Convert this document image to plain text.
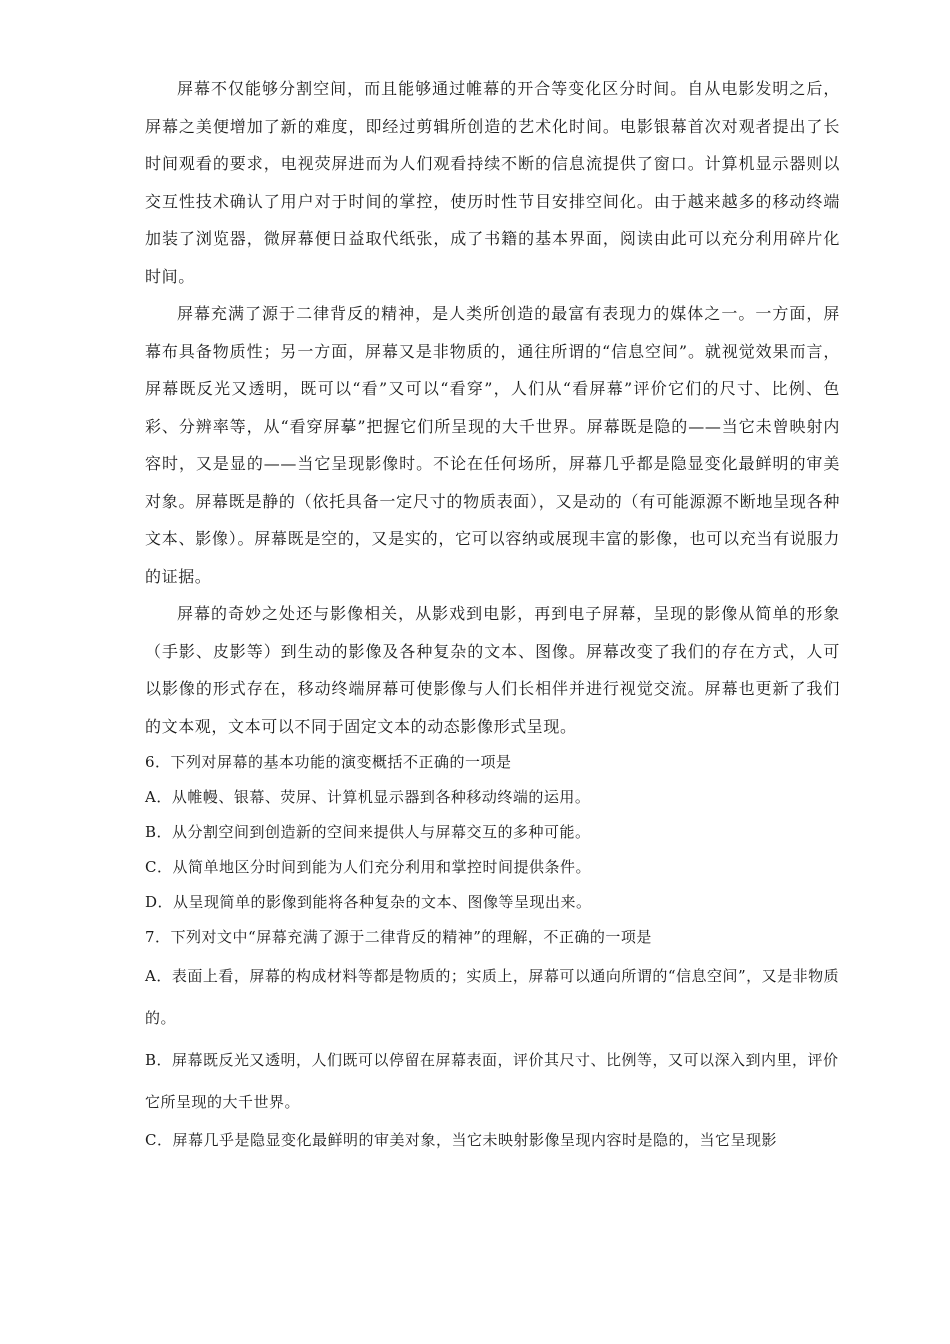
屏幕不仅能够分割空间，而且能够通过帷幕的开合等变化区分时间。自从电影发明之后，屏幕之美便增加了新的难度，即经过剪辑所创造的艺术化时间。电影银幕首次对观者提出了长时间观看的要求，电视荧屏进而为人们观看持续不断的信息流提供了窗口。计算机显示器则以交互性技术确认了用户对于时间的掌控，使历时性节目安排空间化。由于越来越多的移动终端加装了浏览器，微屏幕便日益取代纸张，成了书籍的基本界面，阅读由此可以充分利用碎片化时间。

屏幕充满了源于二律背反的精神，是人类所创造的最富有表现力的媒体之一。一方面，屏幕布具备物质性；另一方面，屏幕又是非物质的，通往所谓的“信息空间”。就视觉效果而言，屏幕既反光又透明，既可以“看”又可以“看穿”，人们从“看屏幕”评价它们的尺寸、比例、色彩、分辨率等，从“看穿屏摹”把握它们所呈现的大千世界。屏幕既是隐的——当它未曾映射内容时，又是显的——当它呈现影像时。不论在任何场所，屏幕几乎都是隐显变化最鲜明的审美对象。屏幕既是静的（依托具备一定尺寸的物质表面），又是动的（有可能源源不断地呈现各种文本、影像）。屏幕既是空的，又是实的，它可以容纳或展现丰富的影像，也可以充当有说服力的证据。

屏幕的奇妙之处还与影像相关，从影戏到电影，再到电子屏幕，呈现的影像从简单的形象（手影、皮影等）到生动的影像及各种复杂的文本、图像。屏幕改变了我们的存在方式，人可以影像的形式存在，移动终端屏幕可使影像与人们长相伴并进行视觉交流。屏幕也更新了我们的文本观，文本可以不同于固定文本的动态影像形式呈现。

6．下列对屏幕的基本功能的演变概括不正确的一项是

A．从帷幔、银幕、荧屏、计算机显示器到各种移动终端的运用。

B．从分割空间到创造新的空间来提供人与屏幕交互的多种可能。

C．从简单地区分时间到能为人们充分利用和掌控时间提供条件。

D．从呈现简单的影像到能将各种复杂的文本、图像等呈现出来。

7．下列对文中“屏幕充满了源于二律背反的精神”的理解，不正确的一项是

A．表面上看，屏幕的构成材料等都是物质的；实质上，屏幕可以通向所谓的“信息空间”，又是非物质的。

B．屏幕既反光又透明，人们既可以停留在屏幕表面，评价其尺寸、比例等，又可以深入到内里，评价它所呈现的大千世界。

C．屏幕几乎是隐显变化最鲜明的审美对象，当它未映射影像呈现内容时是隐的，当它呈现影
